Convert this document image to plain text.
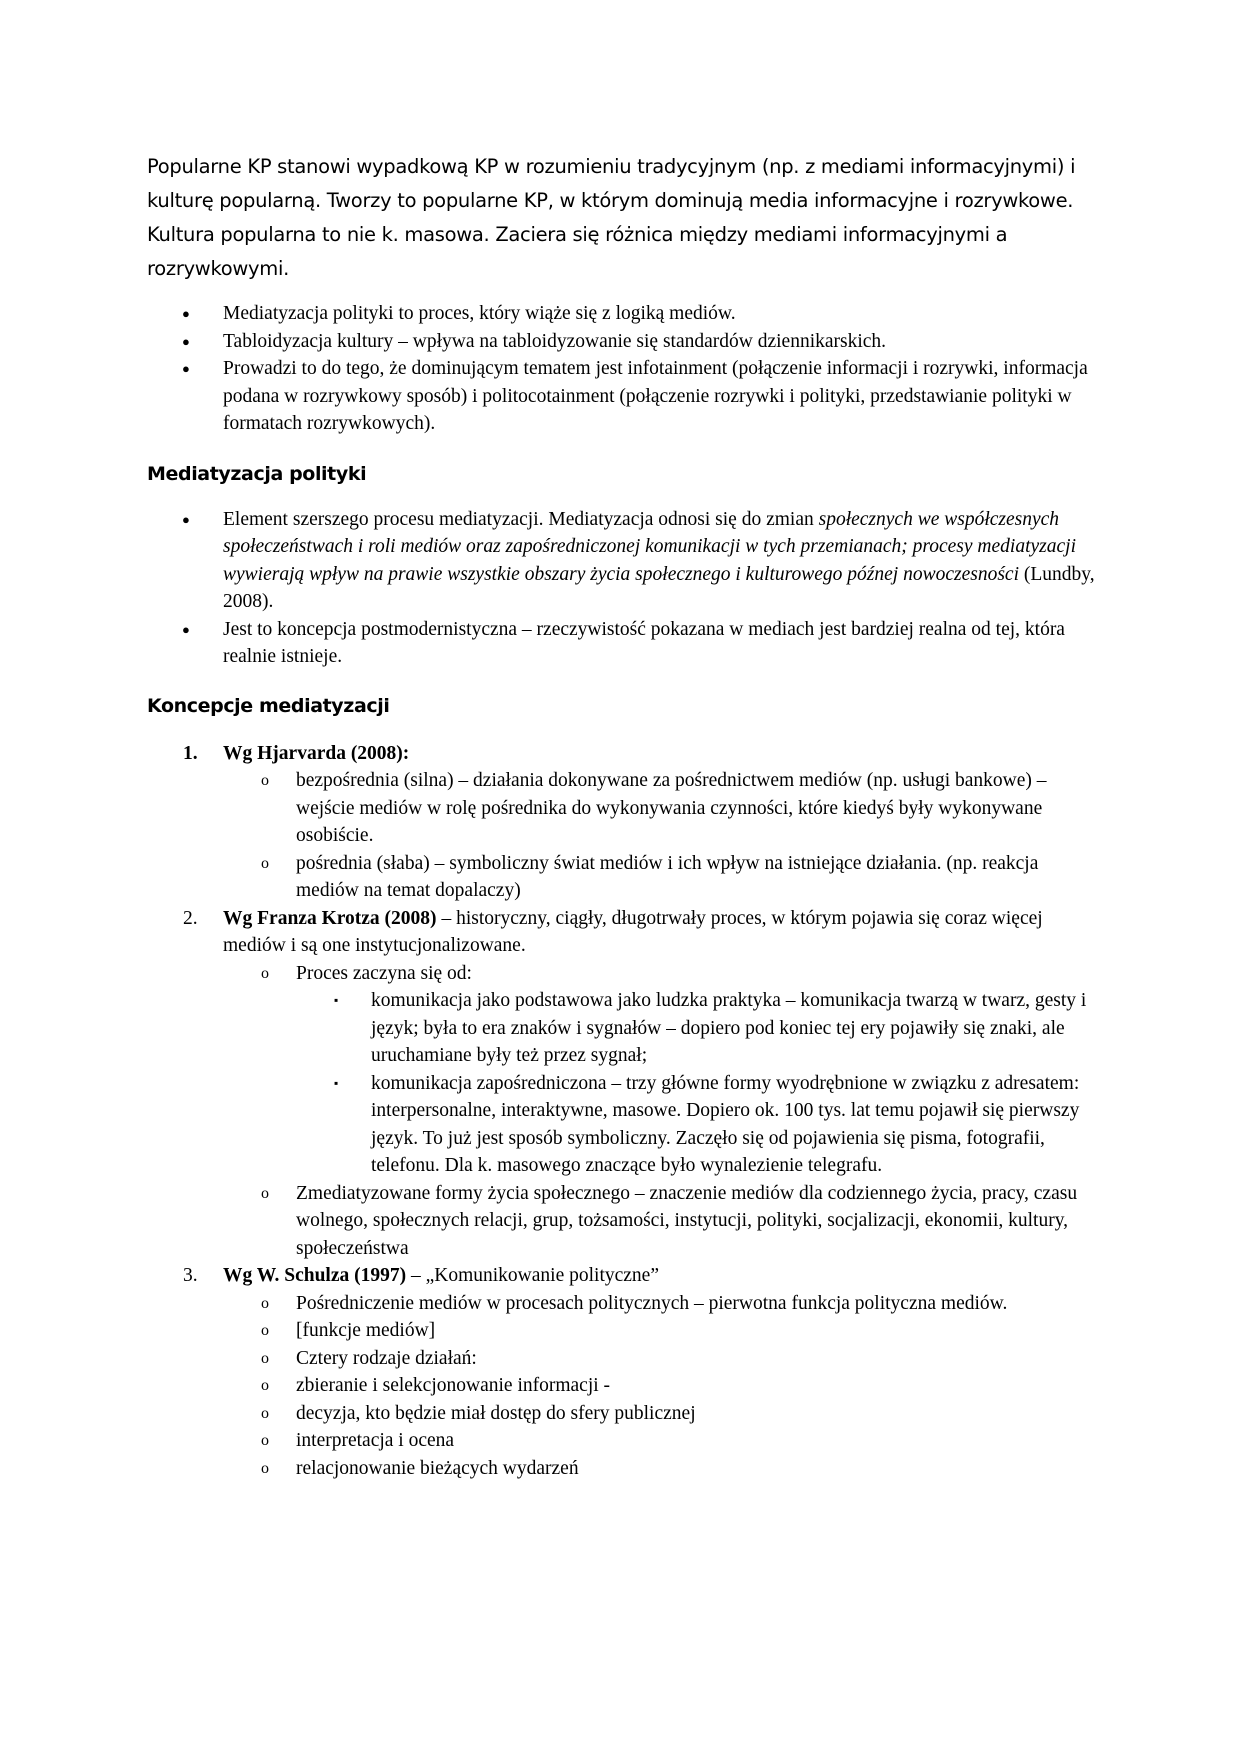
Popularne KP stanowi wypadkową KP w rozumieniu tradycyjnym (np. z mediami informacyjnymi) i kulturę popularną. Tworzy to popularne KP, w którym dominują media informacyjne i rozrywkowe. Kultura popularna to nie k. masowa. Zaciera się różnica między mediami informacyjnymi a rozrywkowymi.

● Mediatyzacja polityki to proces, który wiąże się z logiką mediów.
● Tabloidyzacja kultury – wpływa na tabloidyzowanie się standardów dziennikarskich.
● Prowadzi to do tego, że dominującym tematem jest infotainment (połączenie informacji i rozrywki, informacja podana w rozrywkowy sposób) i politocotainment (połączenie rozrywki i polityki, przedstawianie polityki w formatach rozrywkowych).
Mediatyzacja polityki
● Element szerszego procesu mediatyzacji. Mediatyzacja odnosi się do zmian społecznych we współczesnych społeczeństwach i roli mediów oraz zapośredniczonej komunikacji w tych przemianach; procesy mediatyzacji wywierają wpływ na prawie wszystkie obszary życia społecznego i kulturowego późnej nowoczesności (Lundby, 2008).
● Jest to koncepcja postmodernistyczna – rzeczywistość pokazana w mediach jest bardziej realna od tej, która realnie istnieje.
Koncepcje mediatyzacji
1. Wg Hjarvarda (2008):
o bezpośrednia (silna) – działania dokonywane za pośrednictwem mediów (np. usługi bankowe) – wejście mediów w rolę pośrednika do wykonywania czynności, które kiedyś były wykonywane osobiście.
o pośrednia (słaba) – symboliczny świat mediów i ich wpływ na istniejące działania. (np. reakcja mediów na temat dopalaczy)
2. Wg Franza Krotza (2008) – historyczny, ciągły, długotrwały proces, w którym pojawia się coraz więcej mediów i są one instytucjonalizowane.
o Proces zaczyna się od:
▪ komunikacja jako podstawowa jako ludzka praktyka – komunikacja twarzą w twarz, gesty i język; była to era znaków i sygnałów – dopiero pod koniec tej ery pojawiły się znaki, ale uruchamiane były też przez sygnał;
▪ komunikacja zapośredniczona – trzy główne formy wyodrębnione w związku z adresatem: interpersonalne, interaktywne, masowe. Dopiero ok. 100 tys. lat temu pojawił się pierwszy język. To już jest sposób symboliczny. Zaczęło się od pojawienia się pisma, fotografii, telefonu. Dla k. masowego znaczące było wynalezienie telegrafu.
o Zmediatyzowane formy życia społecznego – znaczenie mediów dla codziennego życia, pracy, czasu wolnego, społecznych relacji, grup, tożsamości, instytucji, polityki, socjalizacji, ekonomii, kultury, społeczeństwa
3. Wg W. Schulza (1997) – „Komunikowanie polityczne”
o Pośredniczenie mediów w procesach politycznych – pierwotna funkcja polityczna mediów.
o [funkcje mediów]
o Cztery rodzaje działań:
o zbieranie i selekcjonowanie informacji -
o decyzja, kto będzie miał dostęp do sfery publicznej
o interpretacja i ocena
o relacjonowanie bieżących wydarzeń
